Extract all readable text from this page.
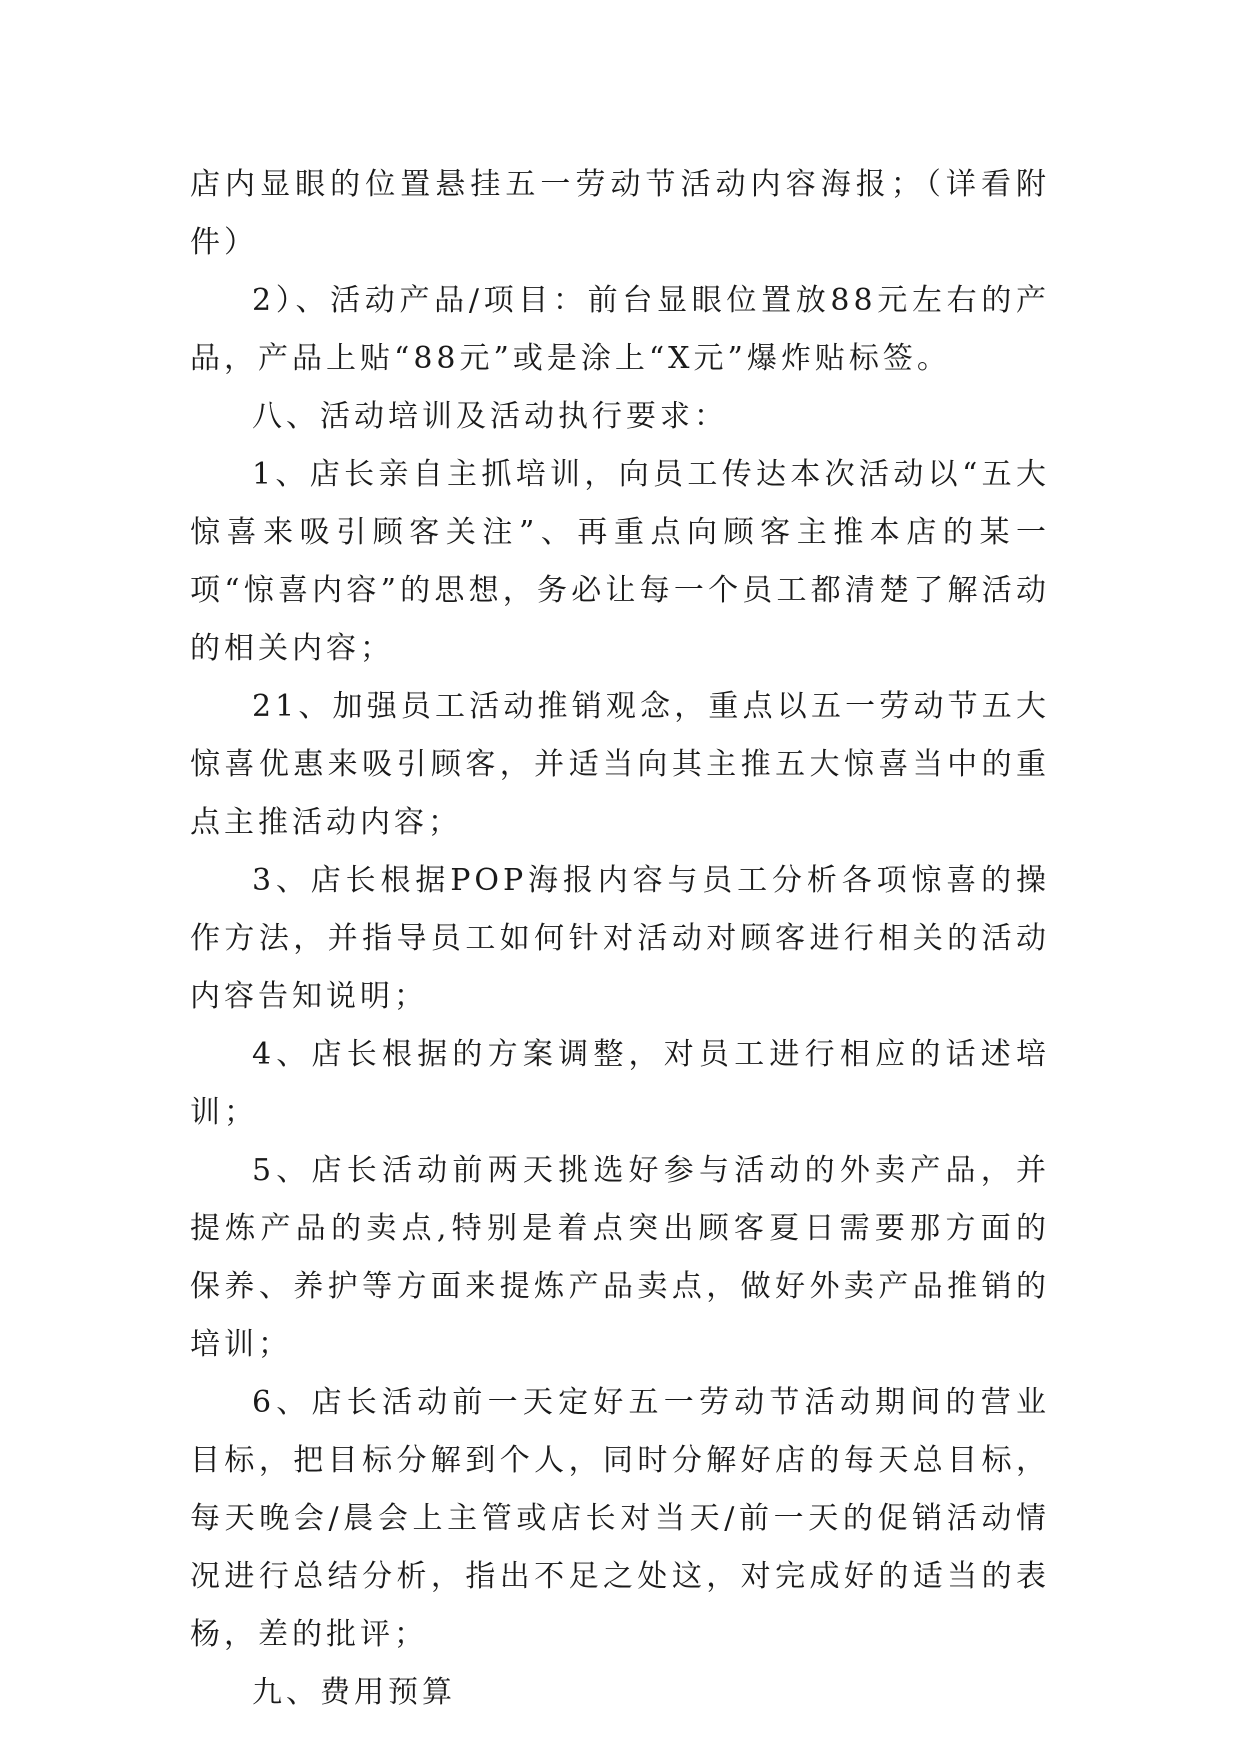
店内显眼的位置悬挂五一劳动节活动内容海报；（详看附件）

2）、活动产品/项目：前台显眼位置放88元左右的产品，产品上贴“88元”或是涂上“X元”爆炸贴标签。

八、活动培训及活动执行要求：

1、店长亲自主抓培训，向员工传达本次活动以“五大惊喜来吸引顾客关注”、再重点向顾客主推本店的某一项“惊喜内容”的思想，务必让每一个员工都清楚了解活动的相关内容；

21、加强员工活动推销观念，重点以五一劳动节五大惊喜优惠来吸引顾客，并适当向其主推五大惊喜当中的重点主推活动内容；

3、店长根据POP海报内容与员工分析各项惊喜的操作方法，并指导员工如何针对活动对顾客进行相关的活动内容告知说明；

4、店长根据的方案调整，对员工进行相应的话述培训；

5、店长活动前两天挑选好参与活动的外卖产品，并提炼产品的卖点,特别是着点突出顾客夏日需要那方面的保养、养护等方面来提炼产品卖点，做好外卖产品推销的培训；

6、店长活动前一天定好五一劳动节活动期间的营业目标，把目标分解到个人，同时分解好店的每天总目标，每天晚会/晨会上主管或店长对当天/前一天的促销活动情况进行总结分析，指出不足之处这，对完成好的适当的表杨，差的批评；

九、费用预算
